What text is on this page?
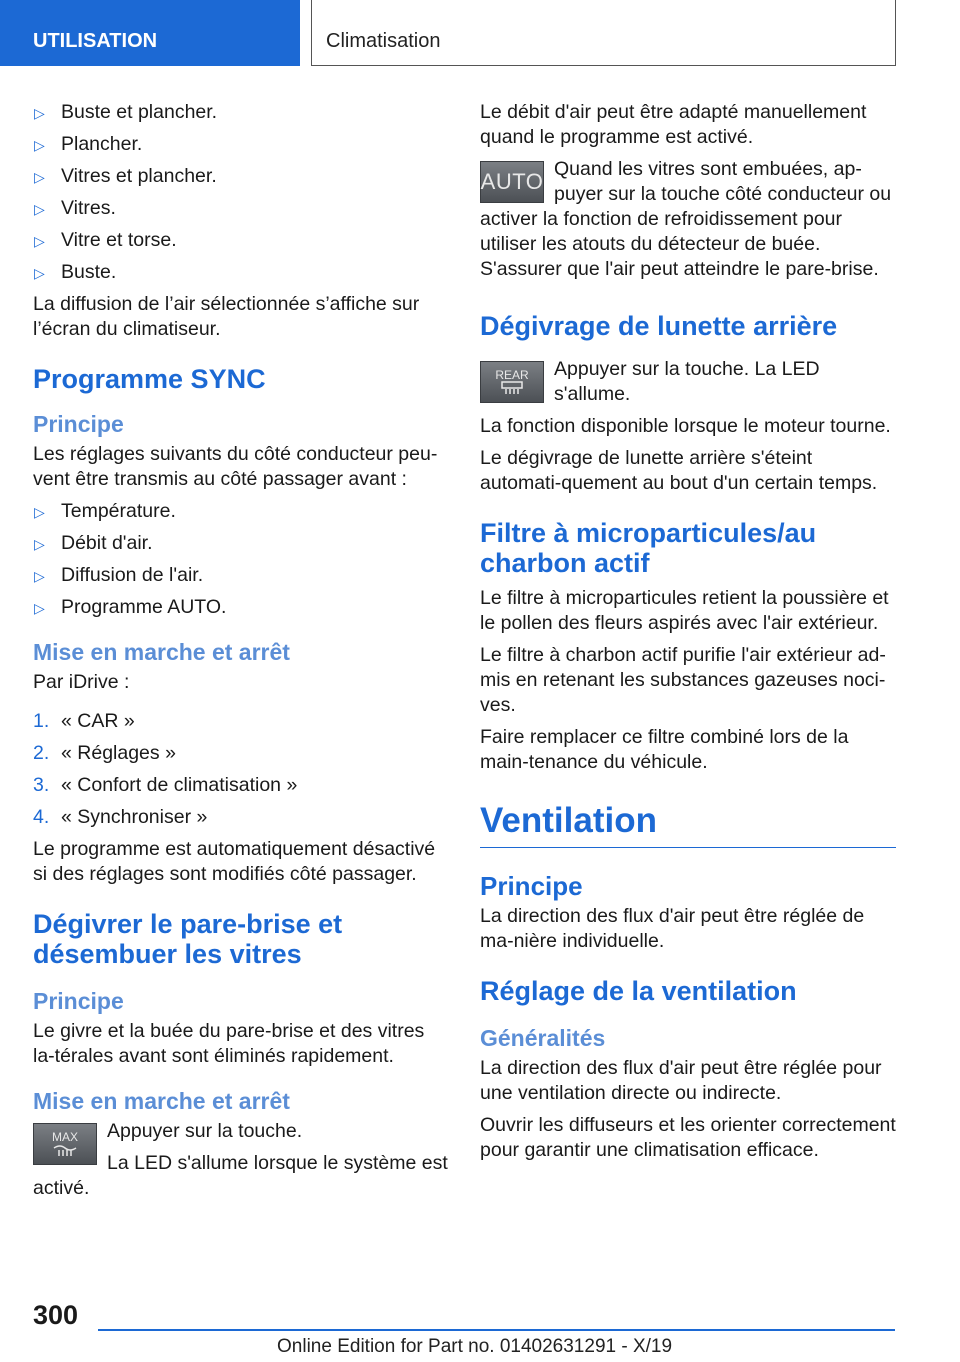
UTILISATION	Climatisation
▷ Buste et plancher.
▷ Plancher.
▷ Vitres et plancher.
▷ Vitres.
▷ Vitre et torse.
▷ Buste.

La diffusion de l’air sélectionnée s’affiche sur l’écran du climatiseur.

Programme SYNC
Principe

Les réglages suivants du côté conducteur peu-vent être transmis au côté passager avant :

▷ Température.
▷ Débit d'air.
▷ Diffusion de l'air.
▷ Programme AUTO.
Mise en marche et arrêt

Par iDrive :

1. « CAR »
2. « Réglages »
3. « Confort de climatisation »
4. « Synchroniser »

Le programme est automatiquement désactivé si des réglages sont modifiés côté passager.

Dégivrer le pare-brise et désembuer les vitres
Principe

Le givre et la buée du pare-brise et des vitres la-térales avant sont éliminés rapidement.

Mise en marche et arrêt
MAX	Appuyer sur la touche.

La LED s'allume lorsque le système est activé.

Le débit d'air peut être adapté manuellement quand le programme est activé.

AUTO Quand les vitres sont embuées, ap-puyer sur la touche côté conducteur ou activer la fonction de refroidissement pour utiliser les atouts du détecteur de buée. S'assurer que l'air peut atteindre le pare-brise.

Dégivrage de lunette arrière
REAR	Appuyer sur la touche. La LED s'allume.

La fonction disponible lorsque le moteur tourne.

Le dégivrage de lunette arrière s'éteint automati-quement au bout d'un certain temps.

Filtre à microparticules/au charbon actif

Le filtre à microparticules retient la poussière et le pollen des fleurs aspirés avec l'air extérieur.

Le filtre à charbon actif purifie l'air extérieur ad-mis en retenant les substances gazeuses noci-ves.

Faire remplacer ce filtre combiné lors de la main-tenance du véhicule.

Ventilation
Principe

La direction des flux d'air peut être réglée de ma-nière individuelle.

Réglage de la ventilation
Généralités

La direction des flux d'air peut être réglée pour une ventilation directe ou indirecte.

Ouvrir les diffuseurs et les orienter correctement pour garantir une climatisation efficace.

300
Online Edition for Part no. 01402631291 - X/19
